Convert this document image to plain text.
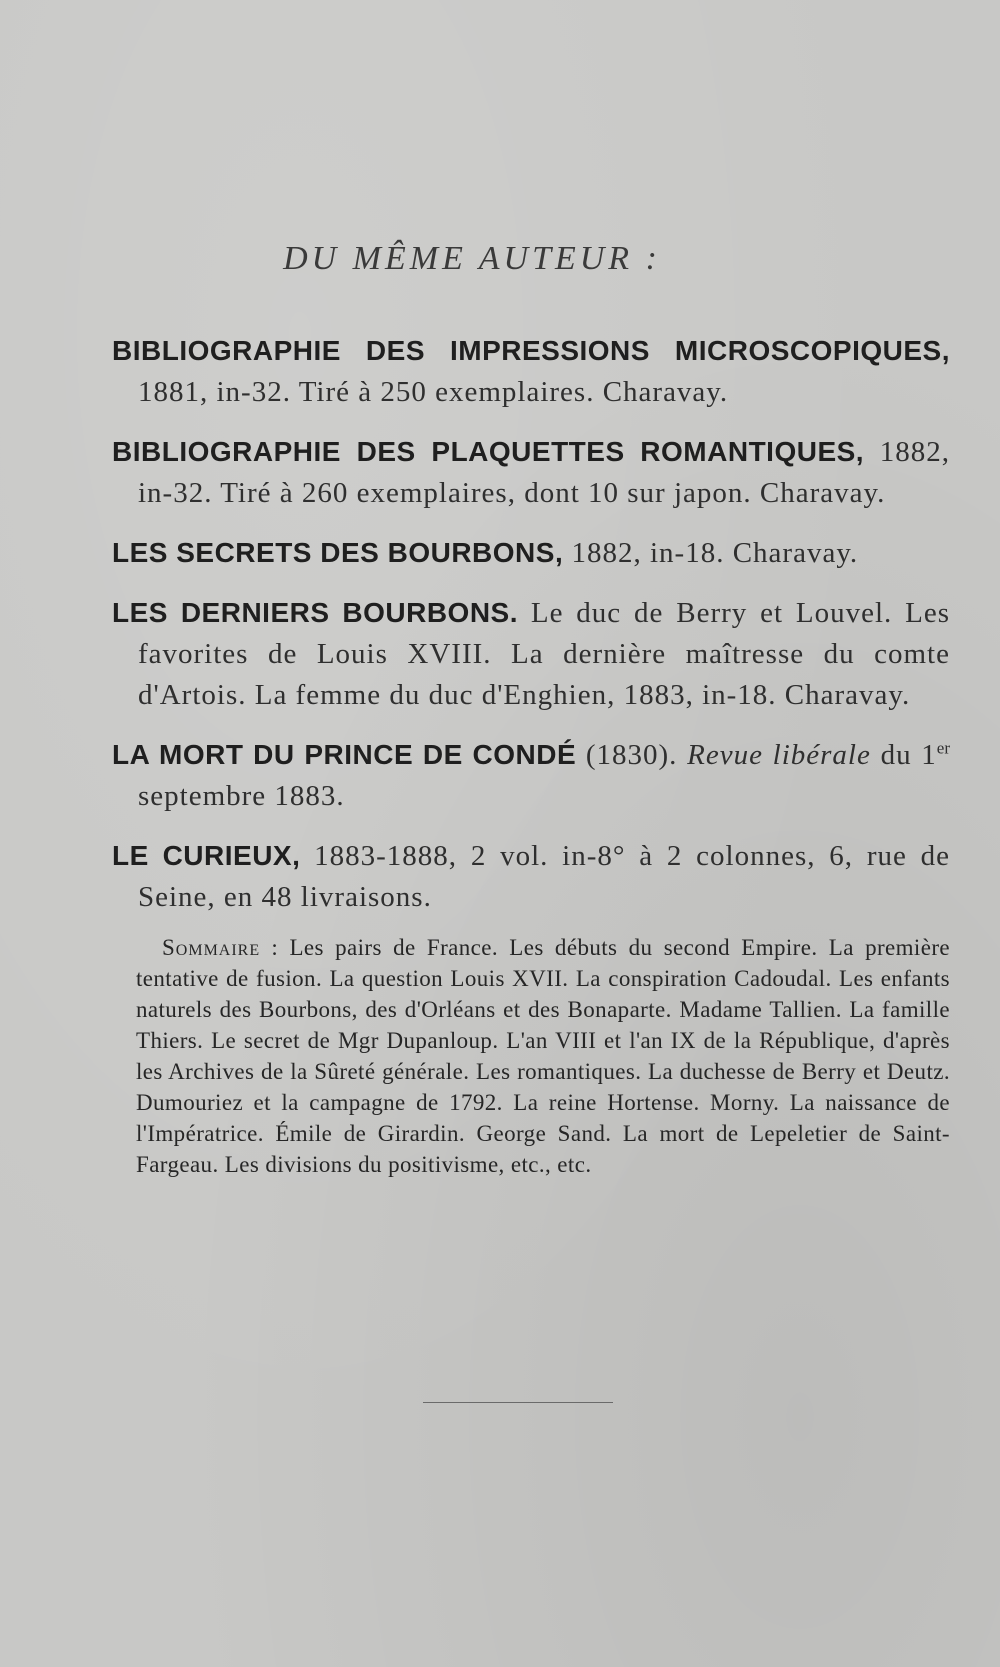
DU MÊME AUTEUR :

BIBLIOGRAPHIE DES IMPRESSIONS MICROSCOPIQUES, 1881, in-32. Tiré à 250 exemplaires. Charavay.

BIBLIOGRAPHIE DES PLAQUETTES ROMANTIQUES, 1882, in-32. Tiré à 260 exemplaires, dont 10 sur japon. Charavay.

LES SECRETS DES BOURBONS, 1882, in-18. Charavay.

LES DERNIERS BOURBONS. Le duc de Berry et Louvel. Les favorites de Louis XVIII. La dernière maîtresse du comte d'Artois. La femme du duc d'Enghien, 1883, in-18. Charavay.

LA MORT DU PRINCE DE CONDÉ (1830). Revue libérale du 1er septembre 1883.

LE CURIEUX, 1883-1888, 2 vol. in-8° à 2 colonnes, 6, rue de Seine, en 48 livraisons.

Sommaire : Les pairs de France. Les débuts du second Empire. La première tentative de fusion. La question Louis XVII. La conspiration Cadoudal. Les enfants naturels des Bourbons, des d'Orléans et des Bonaparte. Madame Tallien. La famille Thiers. Le secret de Mgr Dupanloup. L'an VIII et l'an IX de la République, d'après les Archives de la Sûreté générale. Les romantiques. La duchesse de Berry et Deutz. Dumouriez et la campagne de 1792. La reine Hortense. Morny. La naissance de l'Impératrice. Émile de Girardin. George Sand. La mort de Lepeletier de Saint-Fargeau. Les divisions du positivisme, etc., etc.
